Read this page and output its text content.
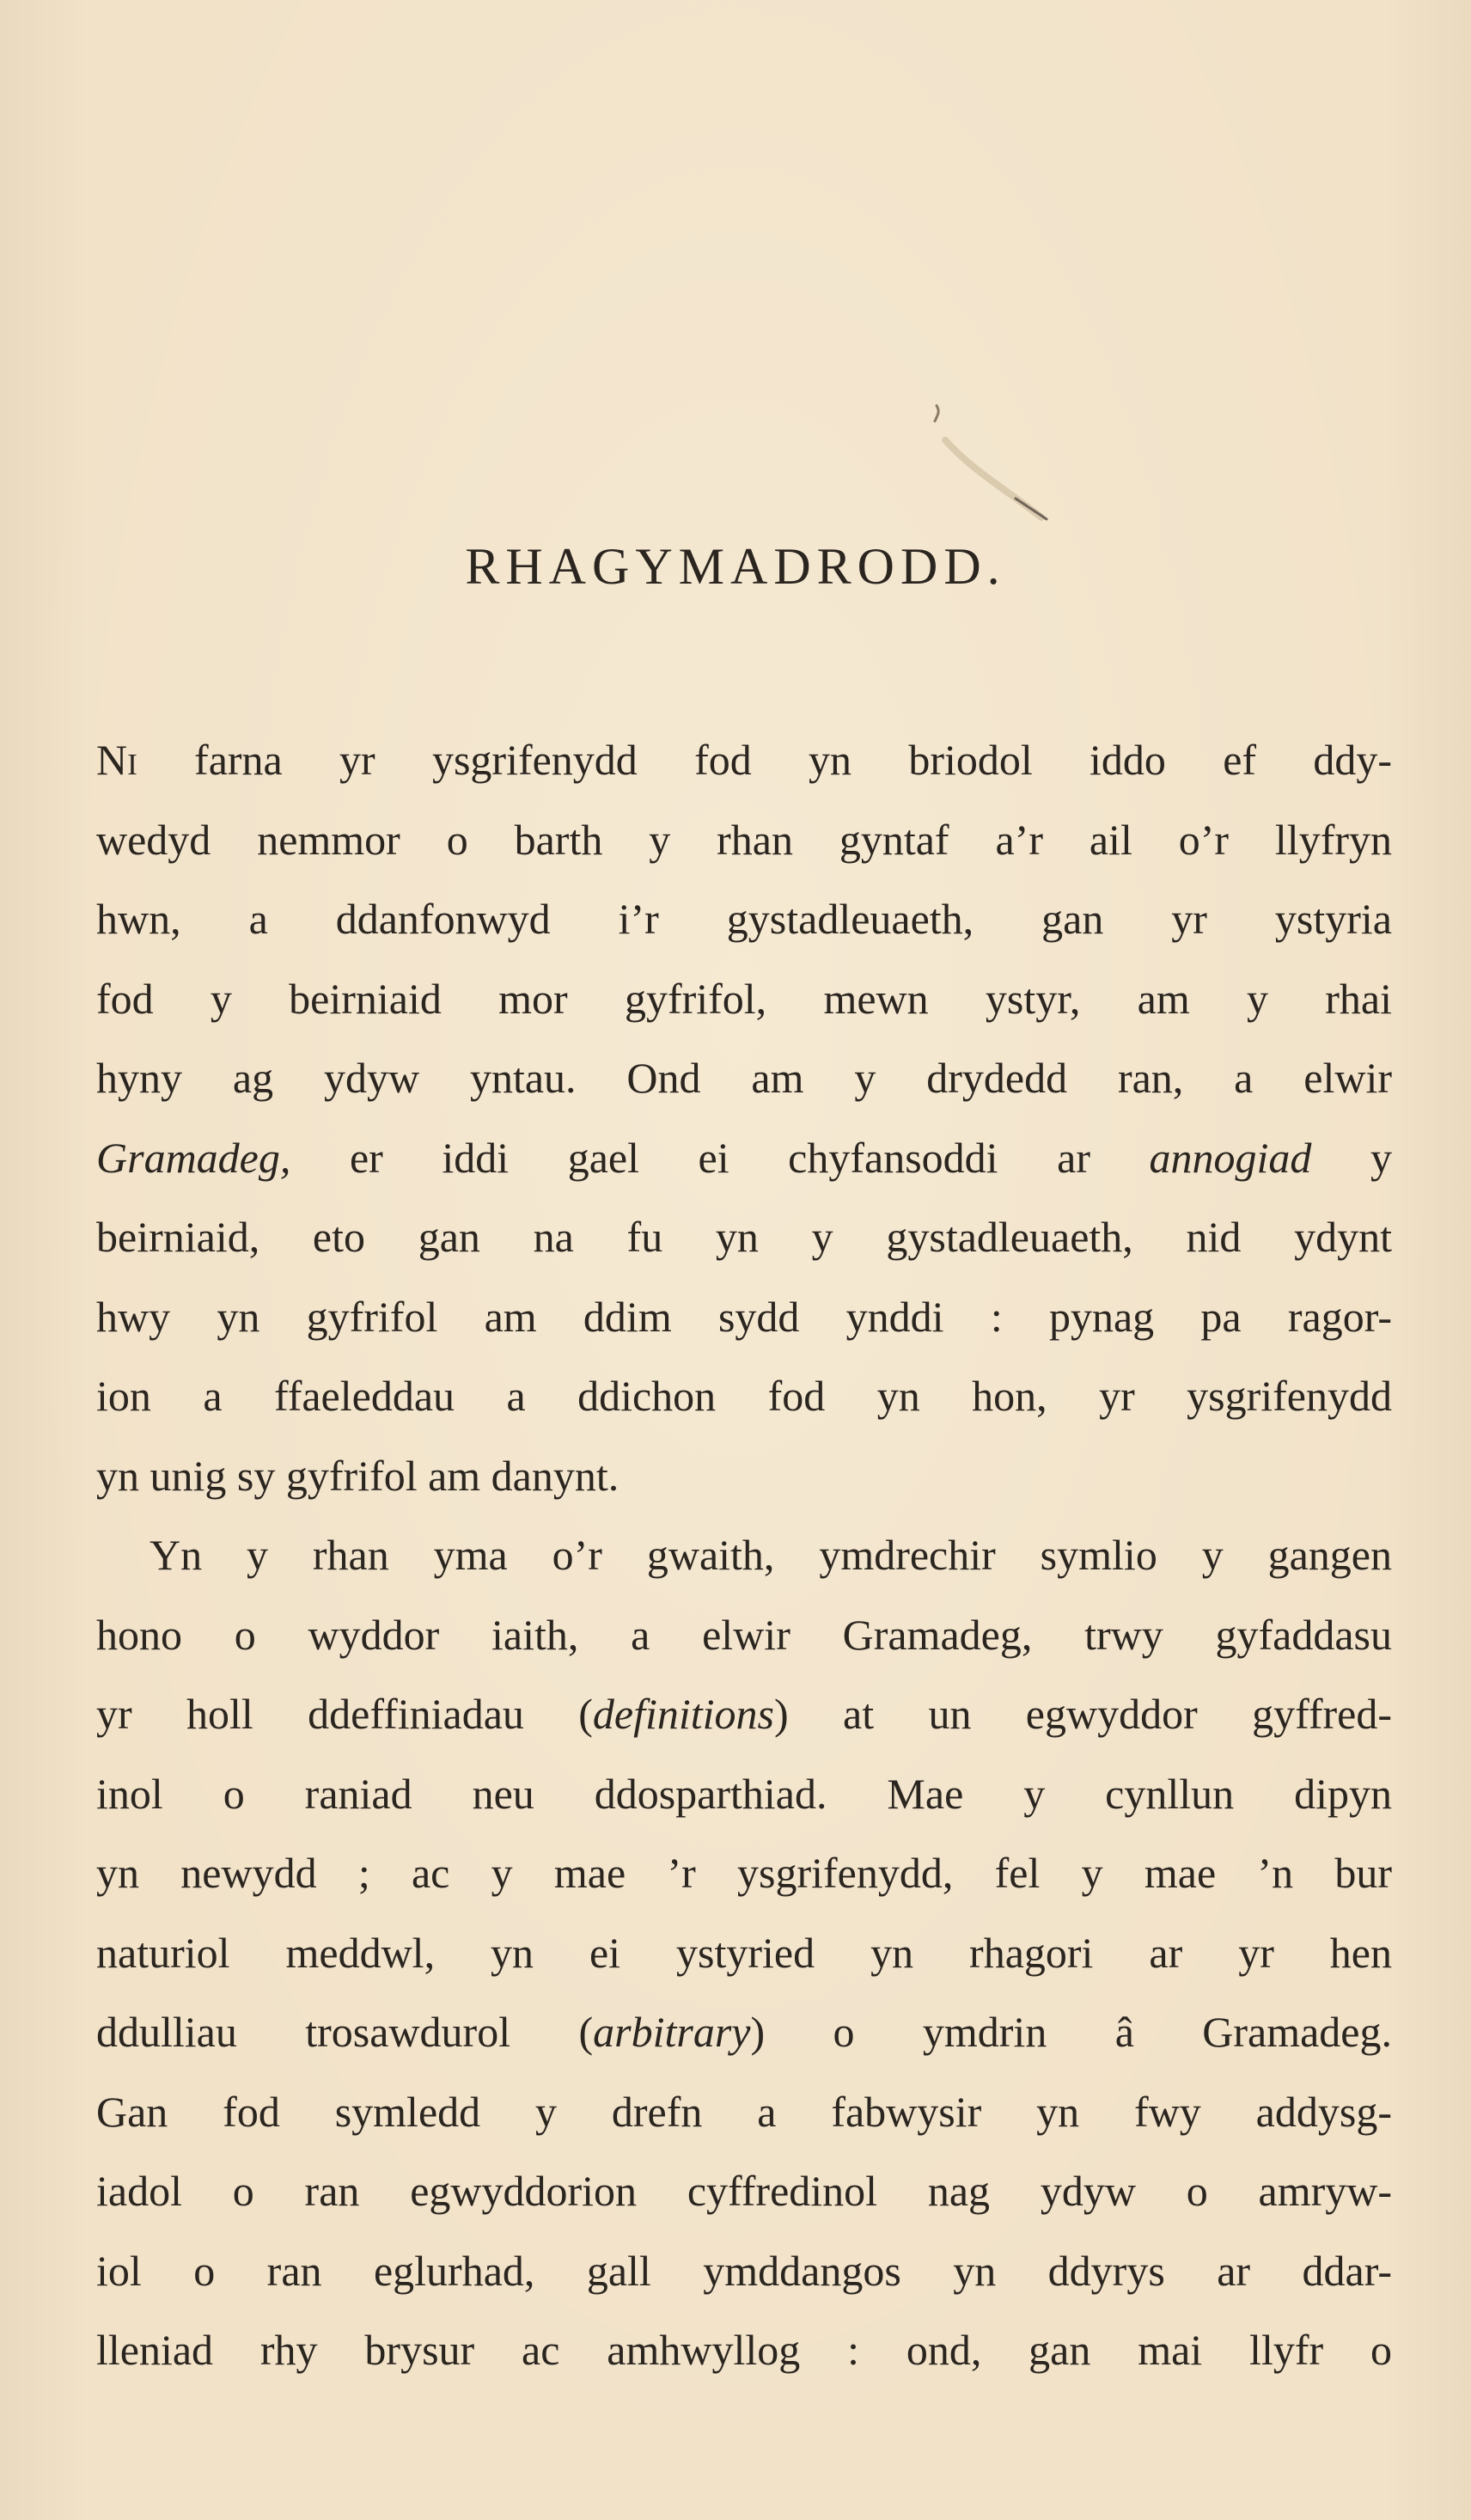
RHAGYMADRODD.
Ni farna yr ysgrifenydd fod yn briodol iddo ef ddy-
wedyd nemmor o barth y rhan gyntaf a’r ail o’r llyfryn
hwn, a ddanfonwyd i’r gystadleuaeth, gan yr ystyria
fod y beirniaid mor gyfrifol, mewn ystyr, am y rhai
hyny ag ydyw yntau. Ond am y drydedd ran, a elwir
Gramadeg, er iddi gael ei chyfansoddi ar annogiad y
beirniaid, eto gan na fu yn y gystadleuaeth, nid ydynt
hwy yn gyfrifol am ddim sydd ynddi : pynag pa ragor-
ion a ffaeleddau a ddichon fod yn hon, yr ysgrifenydd
yn unig sy gyfrifol am danynt.
Yn y rhan yma o’r gwaith, ymdrechir symlio y gangen
hono o wyddor iaith, a elwir Gramadeg, trwy gyfaddasu
yr holl ddeffiniadau (definitions) at un egwyddor gyffred-
inol o raniad neu ddosparthiad. Mae y cynllun dipyn
yn newydd ; ac y mae ’r ysgrifenydd, fel y mae ’n bur
naturiol meddwl, yn ei ystyried yn rhagori ar yr hen
ddulliau trosawdurol (arbitrary) o ymdrin â Gramadeg.
Gan fod symledd y drefn a fabwysir yn fwy addysg-
iadol o ran egwyddorion cyffredinol nag ydyw o amryw-
iol o ran eglurhad, gall ymddangos yn ddyrys ar ddar-
lleniad rhy brysur ac amhwyllog : ond, gan mai llyfr o
